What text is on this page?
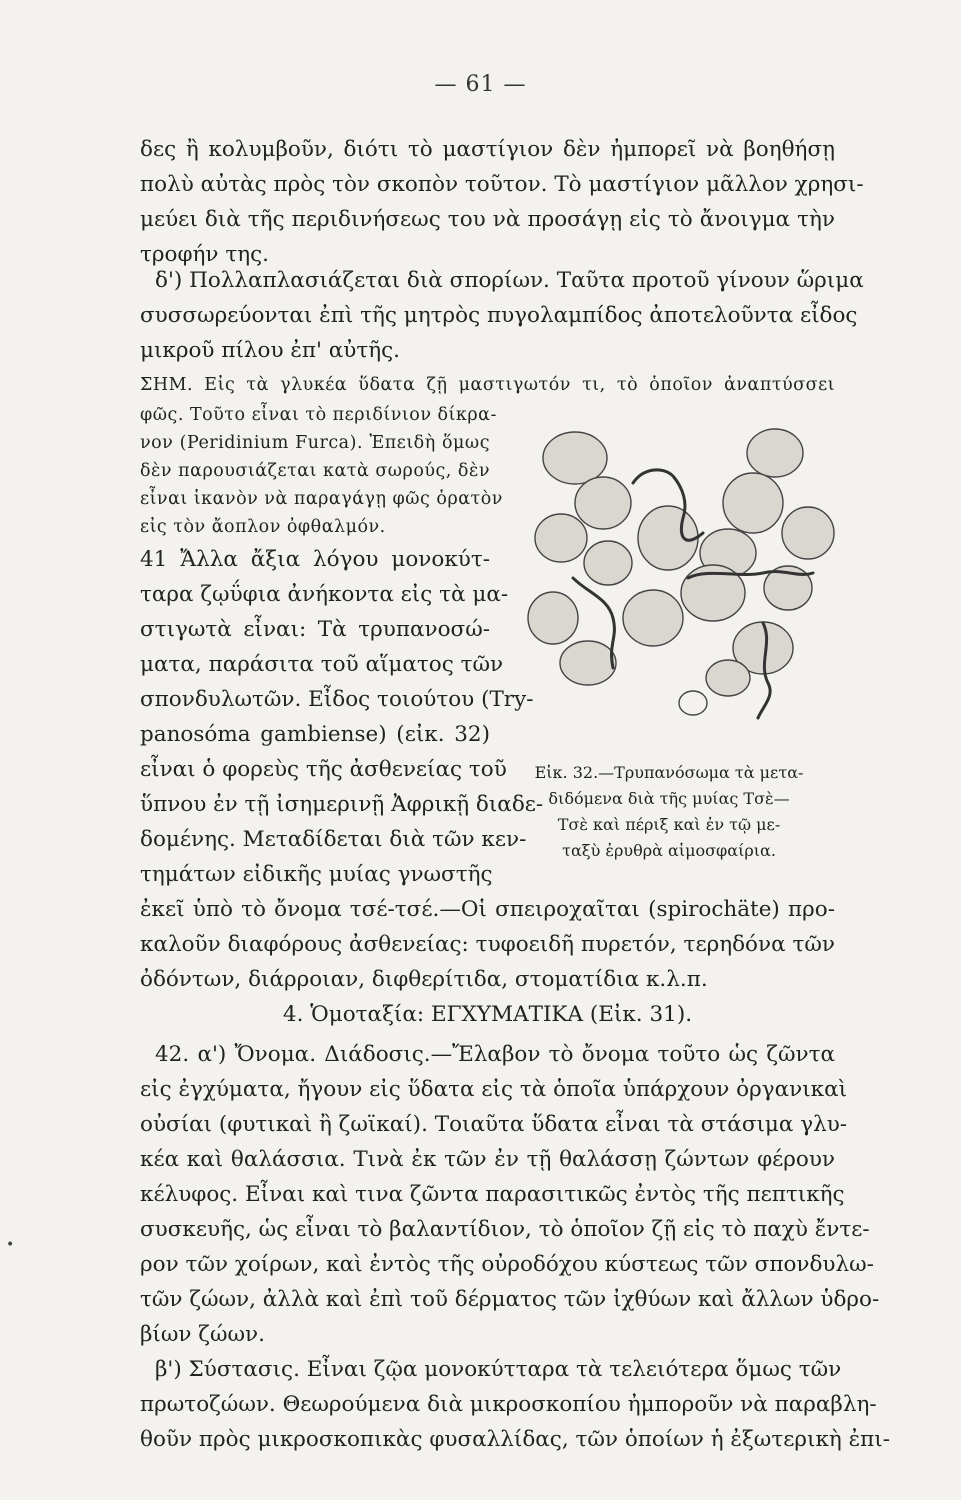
— 61 —
δες ἢ κολυμβοῦν, διότι τὸ μαστίγιον δὲν ἠμπορεῖ νὰ βοηθήσῃ
πολὺ αὐτὰς πρὸς τὸν σκοπὸν τοῦτον. Τὸ μαστίγιον μᾶλλον χρησι-
μεύει διὰ τῆς περιδινήσεως του νὰ προσάγῃ εἰς τὸ ἄνοιγμα τὴν
τροφήν της.
δ') Πολλαπλασιάζεται διὰ σπορίων. Ταῦτα προτοῦ γίνουν ὥριμα
συσσωρεύονται ἐπὶ τῆς μητρὸς πυγολαμπίδος ἀποτελοῦντα εἶδος
μικροῦ πίλου ἐπ' αὐτῆς.
ΣΗΜ. Εἰς τὰ γλυκέα ὕδατα ζῇ μαστιγωτόν τι, τὸ ὁποῖον ἀναπτύσσει
φῶς. Τοῦτο εἶναι τὸ περιδίνιον δίκρα-
νον (Peridinium Furca). Ἐπειδὴ ὅμως
δὲν παρουσιάζεται κατὰ σωρούς, δὲν
εἶναι ἱκανὸν νὰ παραγάγῃ φῶς ὁρατὸν
εἰς τὸν ἄοπλον ὀφθαλμόν.
41 Ἄλλα ἄξια λόγου μονοκύτ-
ταρα ζῳΰφια ἀνήκοντα εἰς τὰ μα-
στιγωτὰ εἶναι: Τὰ τρυπανοσώ-
ματα, παράσιτα τοῦ αἵματος τῶν
σπονδυλωτῶν. Εἶδος τοιούτου (Try-
panosóma gambiense) (εἰκ. 32)
εἶναι ὁ φορεὺς τῆς ἀσθενείας τοῦ
ὕπνου ἐν τῇ ἰσημερινῇ Ἀφρικῇ διαδε-
δομένης. Μεταδίδεται διὰ τῶν κεν-
τημάτων εἰδικῆς μυίας γνωστῆς
Εἰκ. 32.—Τρυπανόσωμα τὰ μετα-
διδόμενα διὰ τῆς μυίας Τσὲ—
Τσὲ καὶ πέριξ καὶ ἐν τῷ με-
ταξὺ ἐρυθρὰ αἱμοσφαίρια.
ἐκεῖ ὑπὸ τὸ ὄνομα τσέ-τσέ.—Οἱ σπειροχαῖται (spirochäte) προ-
καλοῦν διαφόρους ἀσθενείας: τυφοειδῆ πυρετόν, τερηδόνα τῶν
ὀδόντων, διάρροιαν, διφθερίτιδα, στοματίδια κ.λ.π.
4. Ὁμοταξία: ΕΓΧΥΜΑΤΙΚΑ (Εἰκ. 31).
42. α') Ὄνομα. Διάδοσις.—Ἔλαβον τὸ ὄνομα τοῦτο ὡς ζῶντα
εἰς ἐγχύματα, ἤγουν εἰς ὕδατα εἰς τὰ ὁποῖα ὑπάρχουν ὀργανικαὶ
οὐσίαι (φυτικαὶ ἢ ζωϊκαί). Τοιαῦτα ὕδατα εἶναι τὰ στάσιμα γλυ-
κέα καὶ θαλάσσια. Τινὰ ἐκ τῶν ἐν τῇ θαλάσσῃ ζώντων φέρουν
κέλυφος. Εἶναι καὶ τινα ζῶντα παρασιτικῶς ἐντὸς τῆς πεπτικῆς
συσκευῆς, ὡς εἶναι τὸ βαλαντίδιον, τὸ ὁποῖον ζῇ εἰς τὸ παχὺ ἔντε-
ρον τῶν χοίρων, καὶ ἐντὸς τῆς οὐροδόχου κύστεως τῶν σπονδυλω-
τῶν ζώων, ἀλλὰ καὶ ἐπὶ τοῦ δέρματος τῶν ἰχθύων καὶ ἄλλων ὑδρο-
βίων ζώων.
β') Σύστασις. Εἶναι ζῷα μονοκύτταρα τὰ τελειότερα ὅμως τῶν
πρωτοζώων. Θεωρούμενα διὰ μικροσκοπίου ἠμποροῦν νὰ παραβλη-
θοῦν πρὸς μικροσκοπικὰς φυσαλλίδας, τῶν ὁποίων ἡ ἐξωτερικὴ ἐπι-
•
